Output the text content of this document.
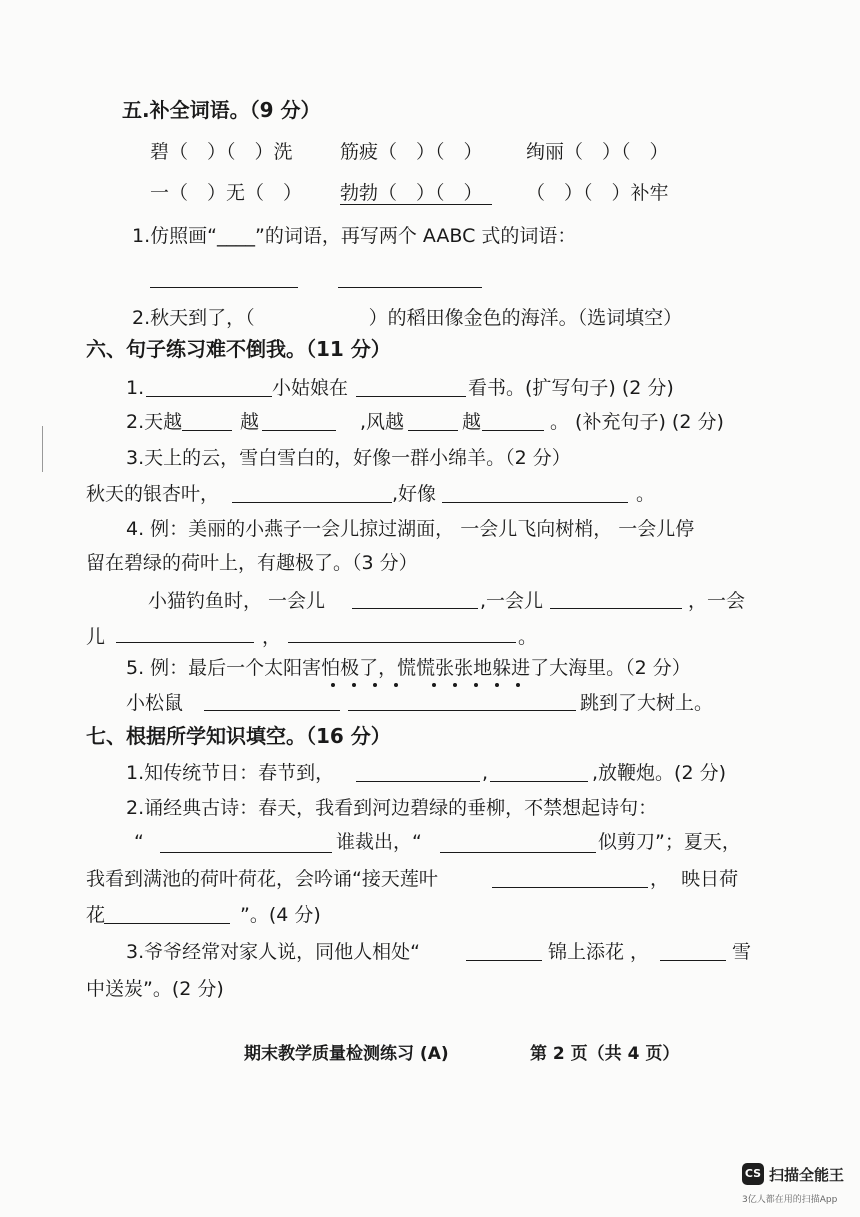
五.补全词语。（9 分）
碧（　）（　）洗 筋疲（　）（　） 绚丽（　）（　）
一（　）无（　） 勃勃（　）（　） （　）（　）补牢
1.仿照画“____”的词语，再写两个 AABC 式的词语：
2.秋天到了，（　　　　　　）的稻田像金色的海洋。（选词填空）
六、句子练习难不倒我。（11 分）
1.	小姑娘在	看书。(扩写句子) (2 分)
2.天越	越	,风越	越	。 (补充句子) (2 分)
3.天上的云，雪白雪白的，好像一群小绵羊。（2 分）
秋天的银杏叶，	,好像	。
4. 例：美丽的小燕子一会儿掠过湖面， 一会儿飞向树梢， 一会儿停
留在碧绿的荷叶上，有趣极了。（3 分）
小猫钓鱼时， 一会儿	,一会儿	，一会
儿	，	。
5. 例：最后一个太阳害怕极了，慌慌张张地躲进了大海里。（2 分）
小松鼠	跳到了大树上。
七、根据所学知识填空。（16 分）
1.知传统节日：春节到，	,	,放鞭炮。(2 分)
2.诵经典古诗：春天，我看到河边碧绿的垂柳，不禁想起诗句：
“	谁裁出，“	似剪刀”；夏天，
我看到满池的荷叶荷花，会吟诵“接天莲叶	，  映日荷
花	”。(4 分)
3.爷爷经常对家人说，同他人相处“	锦上添花 ，	雪
中送炭”。(2 分)
期末教学质量检测练习 (A)	第 2 页（共 4 页）
CS 扫描全能王
3亿人都在用的扫描App
